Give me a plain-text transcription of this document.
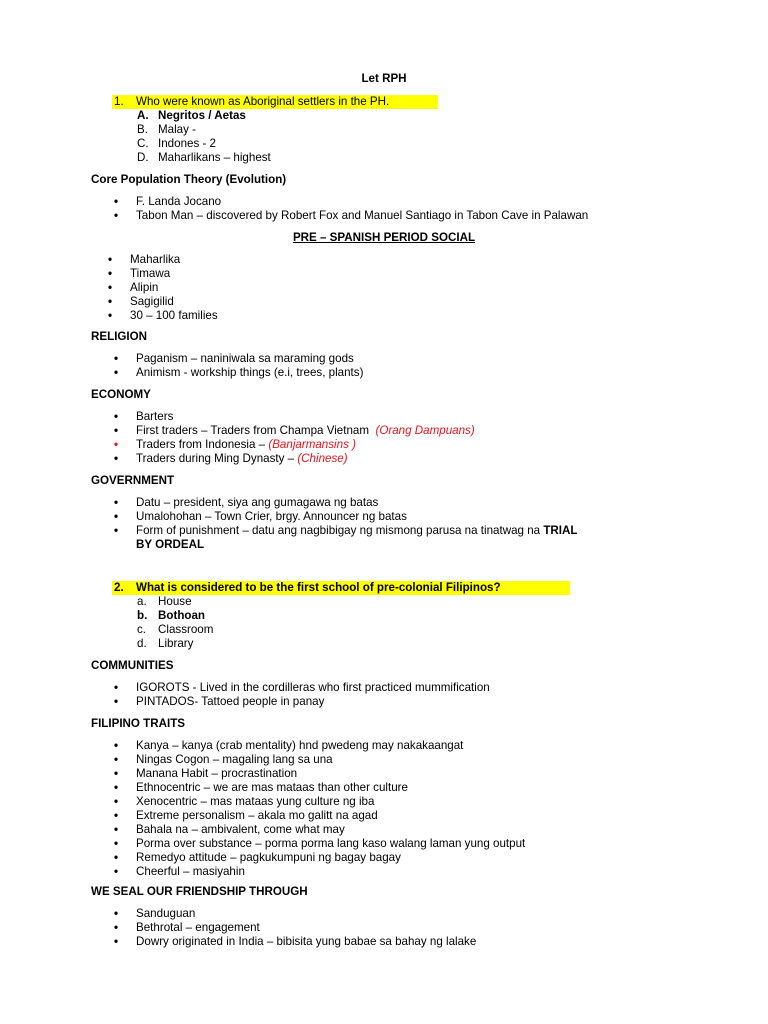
Let RPH
1. Who were known as Aboriginal settlers in the PH.
A. Negritos / Aetas
B. Malay -
C. Indones - 2
D. Maharlikans – highest
Core Population Theory (Evolution)
•	F. Landa Jocano
•	Tabon Man – discovered by Robert Fox and Manuel Santiago in Tabon Cave in Palawan
PRE – SPANISH PERIOD SOCIAL
•	Maharlika
•	Timawa
•	Alipin
•	Sagigilid
•	30 – 100 families
RELIGION
•	Paganism – naniniwala sa maraming gods
•	Animism - workship things (e.i, trees, plants)
ECONOMY
•	Barters
•	First traders – Traders from Champa Vietnam  (Orang Dampuans)
•	Traders from Indonesia – (Banjarmansins )
•	Traders during Ming Dynasty – (Chinese)
GOVERNMENT
•	Datu – president, siya ang gumagawa ng batas
•	Umalohohan – Town Crier, brgy. Announcer ng batas
•	Form of punishment – datu ang nagbibigay ng mismong parusa na tinatwag na TRIAL
BY ORDEAL
2. What is considered to be the first school of pre-colonial Filipinos?
a. House
b. Bothoan
c. Classroom
d. Library
COMMUNITIES
•	IGOROTS - Lived in the cordilleras who first practiced mummification
•	PINTADOS- Tattoed people in panay
FILIPINO TRAITS
•	Kanya – kanya (crab mentality) hnd pwedeng may nakakaangat
•	Ningas Cogon – magaling lang sa una
•	Manana Habit – procrastination
•	Ethnocentric – we are mas mataas than other culture
•	Xenocentric – mas mataas yung culture ng iba
•	Extreme personalism – akala mo galitt na agad
•	Bahala na – ambivalent, come what may
•	Porma over substance – porma porma lang kaso walang laman yung output
•	Remedyo attitude – pagkukumpuni ng bagay bagay
•	Cheerful – masiyahin
WE SEAL OUR FRIENDSHIP THROUGH
•	Sanduguan
•	Bethrotal – engagement
•	Dowry originated in India – bibisita yung babae sa bahay ng lalake
